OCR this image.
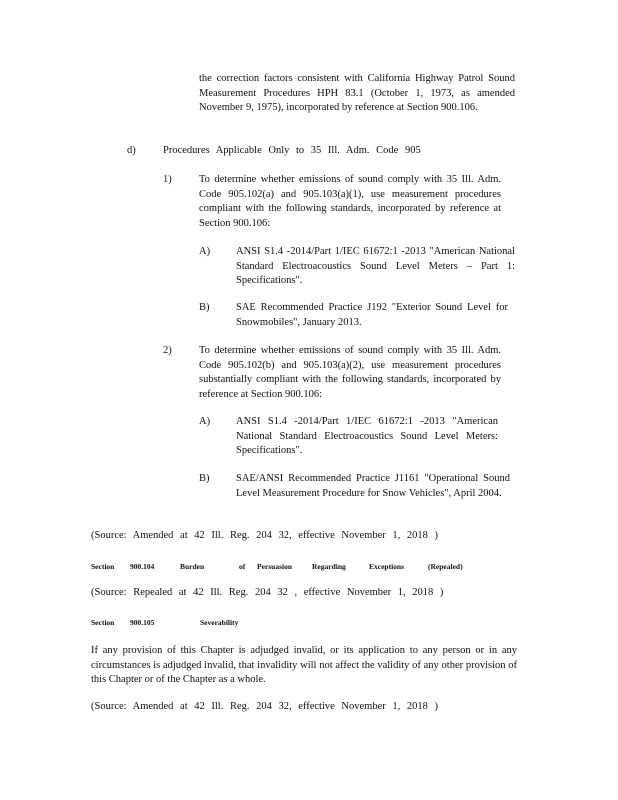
the correction factors consistent with California Highway Patrol Sound Measurement Procedures HPH 83.1 (October 1, 1973, as amended November 9, 1975), incorporated by reference at Section 900.106.

d)	Procedures Applicable Only to 35 Ill. Adm. Code 905
1)	To determine whether emissions of sound comply with 35 Ill. Adm. Code 905.102(a) and 905.103(a)(1), use measurement procedures compliant with the following standards, incorporated by reference at Section 900.106:

A) ANSI S1.4 -2014/Part 1/IEC 61672:1 -2013 "American National Standard Electroacoustics Sound Level Meters – Part 1: Specifications".

B)	SAE Recommended Practice J192 "Exterior Sound Level for Snowmobiles", January 2013.

2)	To determine whether emissions of sound comply with 35 Ill. Adm. Code 905.102(b) and 905.103(a)(2), use measurement procedures substantially compliant with the following standards, incorporated by reference at Section 900.106:

A) ANSI S1.4 -2014/Part 1/IEC 61672:1 -2013 "American National Standard Electroacoustics Sound Level Meters: Specifications".

B)	SAE/ANSI Recommended Practice J1161 "Operational Sound Level Measurement Procedure for Snow Vehicles", April 2004.

(Source: Amended at 42 Ill. Reg. 204 32, effective November 1, 2018 )
Section 900.104	Burden	of Persuasion	Regarding	Exceptions	(Repealed)
(Source: Repealed at 42 Ill. Reg. 204 32 , effective November 1, 2018 )
Section 900.105	Severability

If any provision of this Chapter is adjudged invalid, or its application to any person or in any circumstances is adjudged invalid, that invalidity will not affect the validity of any other provision of this Chapter or of the Chapter as a whole.

(Source: Amended at 42 Ill. Reg. 204 32, effective November 1, 2018 )
